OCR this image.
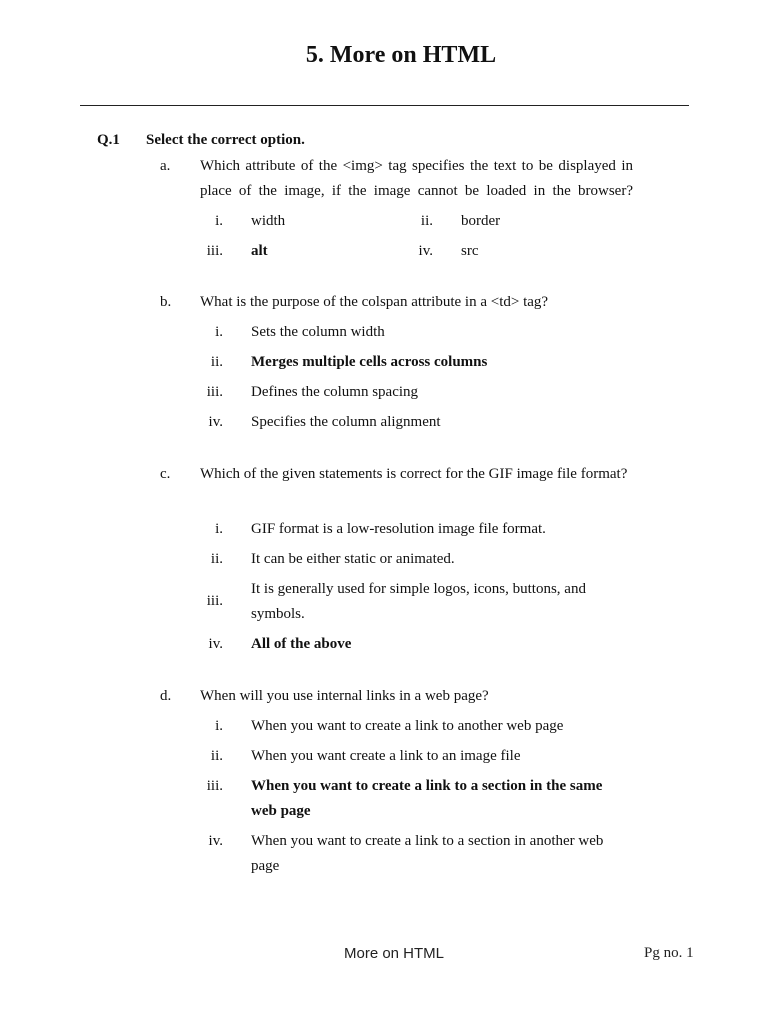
5. More on HTML
Q.1 Select the correct option.
a. Which attribute of the <img> tag specifies the text to be displayed in place of the image, if the image cannot be loaded in the browser?
i. width	ii. border
iii. alt	iv. src
b. What is the purpose of the colspan attribute in a <td> tag?
i. Sets the column width
ii. Merges multiple cells across columns
iii. Defines the column spacing
iv. Specifies the column alignment
c. Which of the given statements is correct for the GIF image file format?
i. GIF format is a low-resolution image file format.
ii. It can be either static or animated.
iii.
It is generally used for simple logos, icons, buttons, and symbols.
iv. All of the above
d. When will you use internal links in a web page?
i. When you want to create a link to another web page
ii. When you want create a link to an image file
iii. When you want to create a link to a section in the same web page
iv. When you want to create a link to a section in another web page
More on HTML	Pg no. 1
